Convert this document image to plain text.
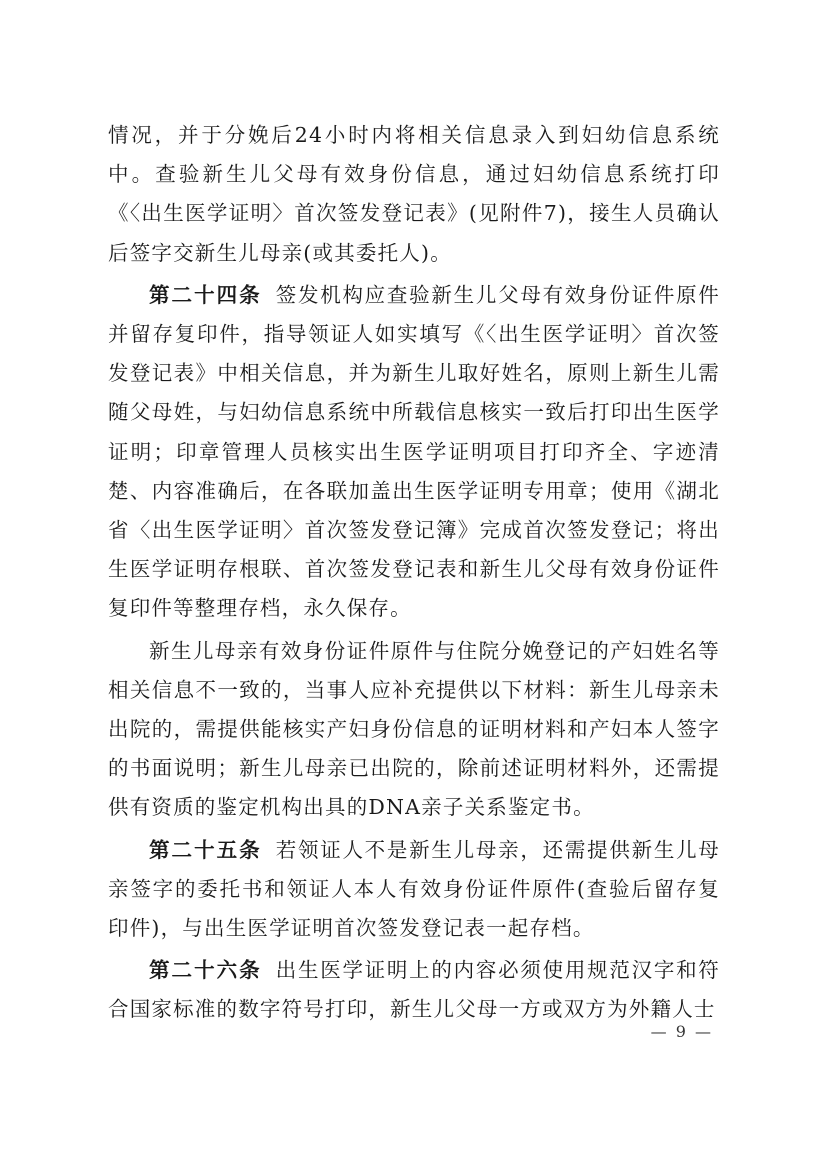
情况，并于分娩后24小时内将相关信息录入到妇幼信息系统中。查验新生儿父母有效身份信息，通过妇幼信息系统打印《〈出生医学证明〉首次签发登记表》(见附件7)，接生人员确认后签字交新生儿母亲(或其委托人)。

第二十四条 签发机构应查验新生儿父母有效身份证件原件并留存复印件，指导领证人如实填写《〈出生医学证明〉首次签发登记表》中相关信息，并为新生儿取好姓名，原则上新生儿需随父母姓，与妇幼信息系统中所载信息核实一致后打印出生医学证明；印章管理人员核实出生医学证明项目打印齐全、字迹清楚、内容准确后，在各联加盖出生医学证明专用章；使用《湖北省〈出生医学证明〉首次签发登记簿》完成首次签发登记；将出生医学证明存根联、首次签发登记表和新生儿父母有效身份证件复印件等整理存档，永久保存。

新生儿母亲有效身份证件原件与住院分娩登记的产妇姓名等相关信息不一致的，当事人应补充提供以下材料：新生儿母亲未出院的，需提供能核实产妇身份信息的证明材料和产妇本人签字的书面说明；新生儿母亲已出院的，除前述证明材料外，还需提供有资质的鉴定机构出具的DNA亲子关系鉴定书。

第二十五条 若领证人不是新生儿母亲，还需提供新生儿母亲签字的委托书和领证人本人有效身份证件原件(查验后留存复印件)，与出生医学证明首次签发登记表一起存档。

第二十六条 出生医学证明上的内容必须使用规范汉字和符合国家标准的数字符号打印，新生儿父母一方或双方为外籍人士

— 9 —
